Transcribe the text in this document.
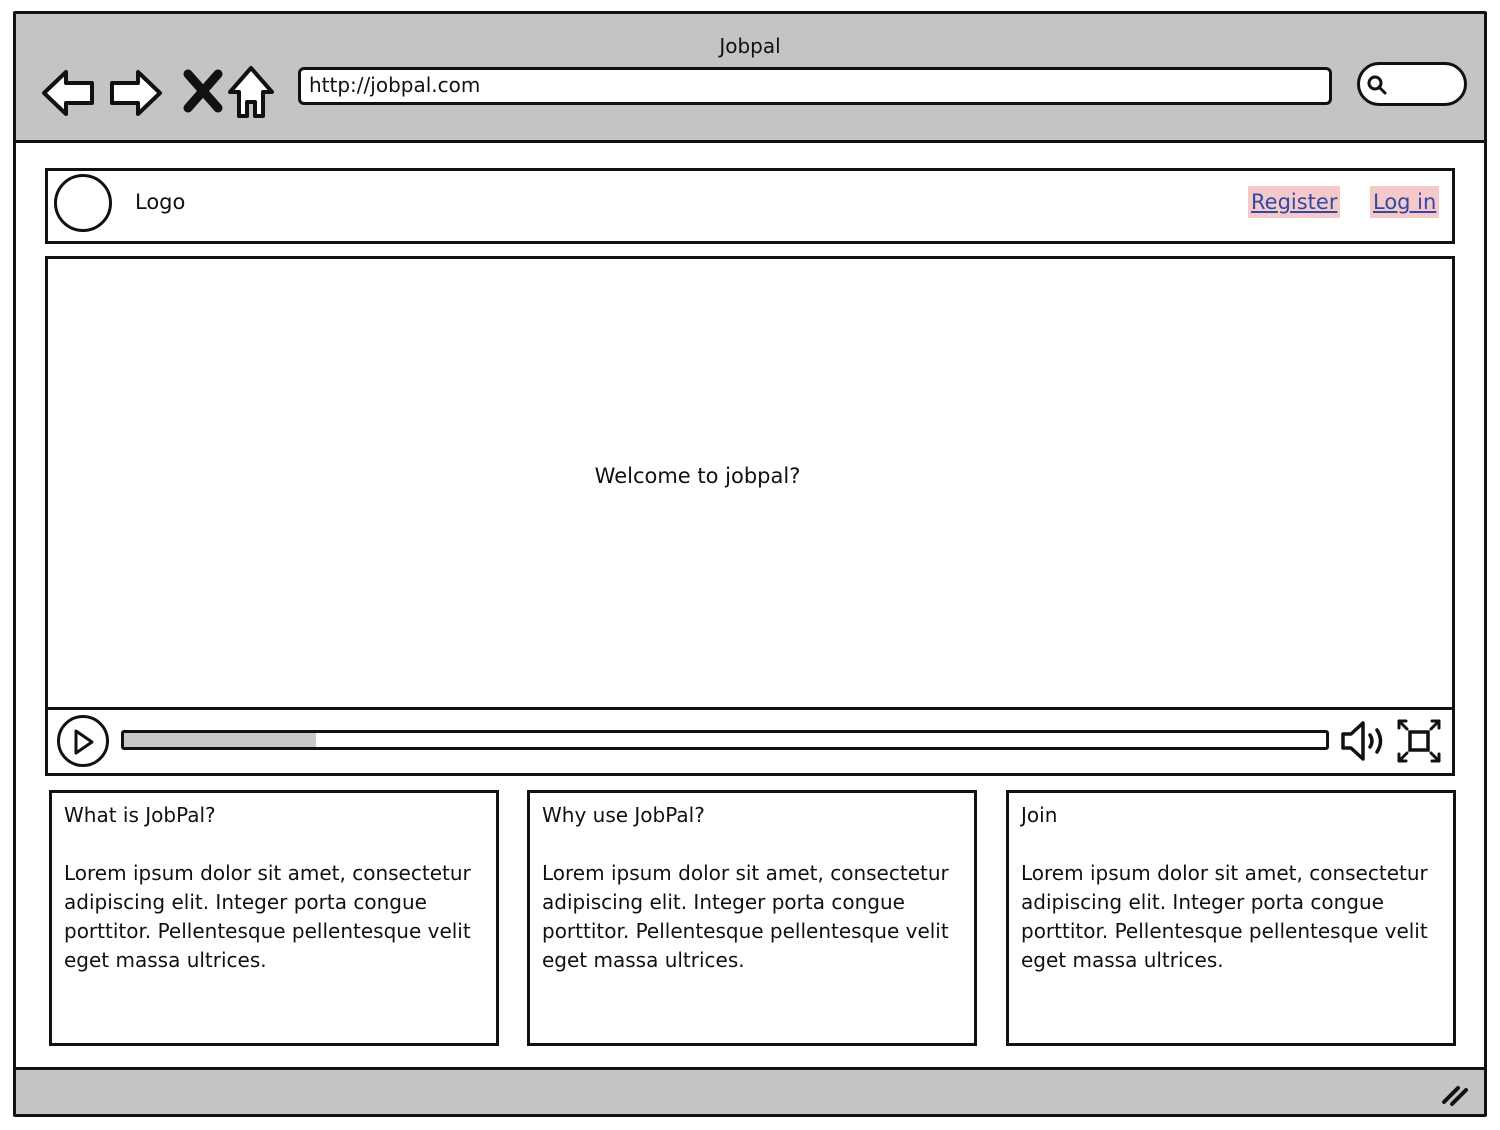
Jobpal
http://jobpal.com
Logo	Register Log in
Welcome to jobpal?
What is JobPal?
Lorem ipsum dolor sit amet, consectetur adipiscing elit. Integer porta congue porttitor. Pellentesque pellentesque velit eget massa ultrices.
Why use JobPal?
Lorem ipsum dolor sit amet, consectetur adipiscing elit. Integer porta congue porttitor. Pellentesque pellentesque velit eget massa ultrices.
Join
Lorem ipsum dolor sit amet, consectetur adipiscing elit. Integer porta congue porttitor. Pellentesque pellentesque velit eget massa ultrices.
